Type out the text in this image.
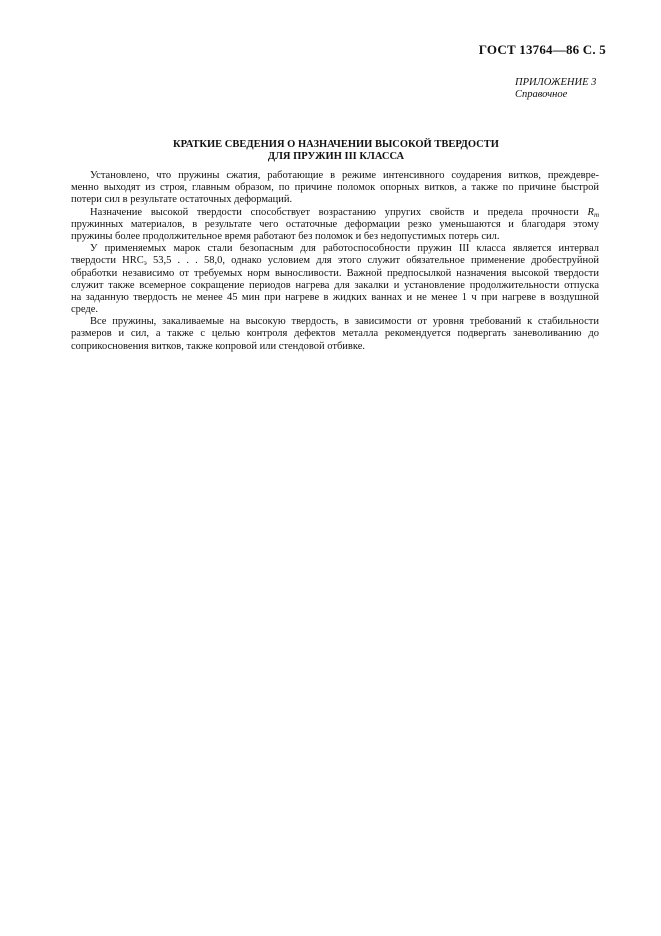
ГОСТ 13764—86 С. 5
ПРИЛОЖЕНИЕ 3
Справочное
КРАТКИЕ СВЕДЕНИЯ О НАЗНАЧЕНИИ ВЫСОКОЙ ТВЕРДОСТИ
ДЛЯ ПРУЖИН III КЛАССА
Установлено, что пружины сжатия, работающие в режиме интенсивного соударения витков, преждевре-
менно выходят из строя, главным образом, по причине поломок опорных витков, а также по причине быстрой
потери сил в результате остаточных деформаций.
Назначение высокой твердости способствует возрастанию упругих свойств и предела прочности $R_m$
пружинных материалов, в результате чего остаточные деформации резко уменьшаются и благодаря этому
пружины более продолжительное время работают без поломок и без недопустимых потерь сил.
У применяемых марок стали безопасным для работоспособности пружин III класса является интервал
твердости $HRC_э$ 53,5 . . . 58,0, однако условием для этого служит обязательное применение дробеструйной
обработки независимо от требуемых норм выносливости. Важной предпосылкой назначения высокой твердости
служит также всемерное сокращение периодов нагрева для закалки и установление продолжительности отпуска
на заданную твердость не менее 45 мин при нагреве в жидких ваннах и не менее 1 ч при нагреве в воздушной
среде.
Все пружины, закаливаемые на высокую твердость, в зависимости от уровня требований к стабильности
размеров и сил, а также с целью контроля дефектов металла рекомендуется подвергать заневоливанию до
соприкосновения витков, также копровой или стендовой отбивке.
